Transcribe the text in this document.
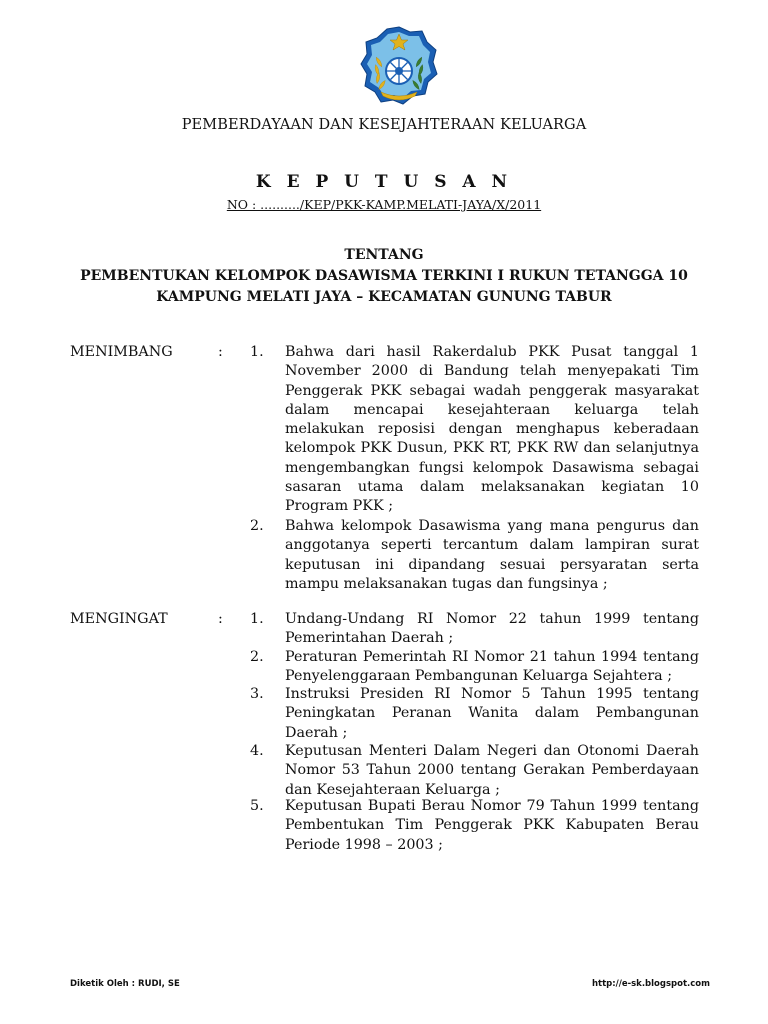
PEMBERDAYAAN DAN KESEJAHTERAAN KELUARGA
K E P U T U S A N
NO : ........../KEP/PKK-KAMP.MELATI-JAYA/X/2011
TENTANG
PEMBENTUKAN KELOMPOK DASAWISMA TERKINI I RUKUN TETANGGA 10
KAMPUNG MELATI JAYA – KECAMATAN GUNUNG TABUR
MENIMBANG	: 1. Bahwa dari hasil Rakerdalub PKK Pusat tanggal 1 November 2000 di Bandung telah menyepakati Tim Penggerak PKK sebagai wadah penggerak masyarakat dalam mencapai kesejahteraan keluarga telah melakukan reposisi dengan menghapus keberadaan kelompok PKK Dusun, PKK RT, PKK RW dan selanjutnya mengembangkan fungsi kelompok Dasawisma sebagai sasaran utama dalam melaksanakan kegiatan 10 Program PKK ;
2. Bahwa kelompok Dasawisma yang mana pengurus dan anggotanya seperti tercantum dalam lampiran surat keputusan ini dipandang sesuai persyaratan serta mampu melaksanakan tugas dan fungsinya ;
MENGINGAT	: 1. Undang-Undang RI Nomor 22 tahun 1999 tentang Pemerintahan Daerah ;
2. Peraturan Pemerintah RI Nomor 21 tahun 1994 tentang Penyelenggaraan Pembangunan Keluarga Sejahtera ;
3. Instruksi Presiden RI Nomor 5 Tahun 1995 tentang Peningkatan Peranan Wanita dalam Pembangunan Daerah ;
4. Keputusan Menteri Dalam Negeri dan Otonomi Daerah Nomor 53 Tahun 2000 tentang Gerakan Pemberdayaan dan Kesejahteraan Keluarga ;
5. Keputusan Bupati Berau Nomor 79 Tahun 1999 tentang Pembentukan Tim Penggerak PKK Kabupaten Berau Periode 1998 – 2003 ;
Diketik Oleh : RUDI, SE	http://e-sk.blogspot.com
